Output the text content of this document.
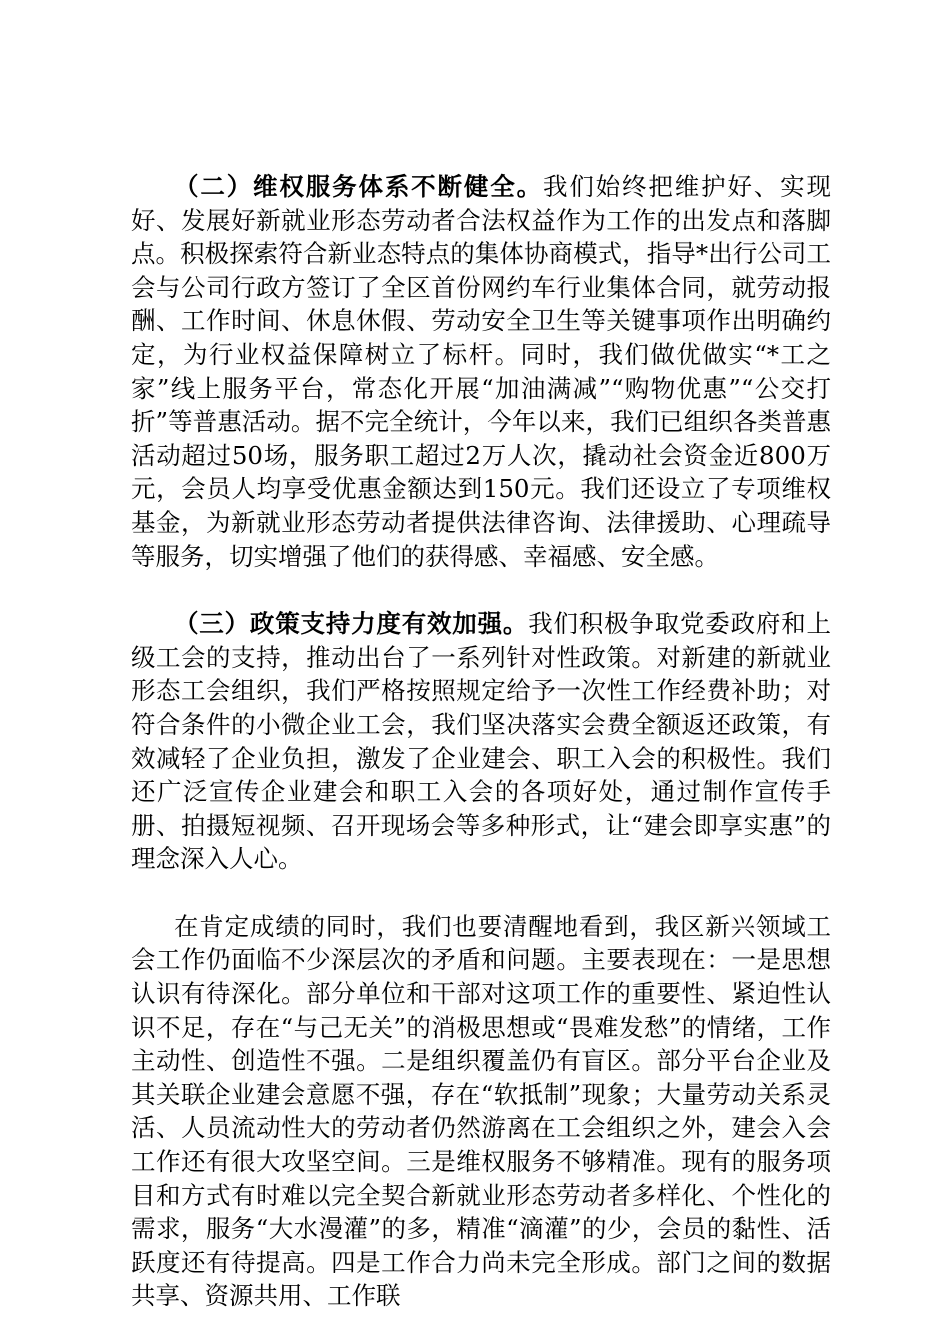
（二）维权服务体系不断健全。我们始终把维护好、实现好、发展好新就业形态劳动者合法权益作为工作的出发点和落脚点。积极探索符合新业态特点的集体协商模式，指导*出行公司工会与公司行政方签订了全区首份网约车行业集体合同，就劳动报酬、工作时间、休息休假、劳动安全卫生等关键事项作出明确约定，为行业权益保障树立了标杆。同时，我们做优做实“*工之家”线上服务平台，常态化开展“加油满减”“购物优惠”“公交打折”等普惠活动。据不完全统计，今年以来，我们已组织各类普惠活动超过50场，服务职工超过2万人次，撬动社会资金近800万元，会员人均享受优惠金额达到150元。我们还设立了专项维权基金，为新就业形态劳动者提供法律咨询、法律援助、心理疏导等服务，切实增强了他们的获得感、幸福感、安全感。

（三）政策支持力度有效加强。我们积极争取党委政府和上级工会的支持，推动出台了一系列针对性政策。对新建的新就业形态工会组织，我们严格按照规定给予一次性工作经费补助；对符合条件的小微企业工会，我们坚决落实会费全额返还政策，有效减轻了企业负担，激发了企业建会、职工入会的积极性。我们还广泛宣传企业建会和职工入会的各项好处，通过制作宣传手册、拍摄短视频、召开现场会等多种形式，让“建会即享实惠”的理念深入人心。

在肯定成绩的同时，我们也要清醒地看到，我区新兴领域工会工作仍面临不少深层次的矛盾和问题。主要表现在：一是思想认识有待深化。部分单位和干部对这项工作的重要性、紧迫性认识不足，存在“与己无关”的消极思想或“畏难发愁”的情绪，工作主动性、创造性不强。二是组织覆盖仍有盲区。部分平台企业及其关联企业建会意愿不强，存在“软抵制”现象；大量劳动关系灵活、人员流动性大的劳动者仍然游离在工会组织之外，建会入会工作还有很大攻坚空间。三是维权服务不够精准。现有的服务项目和方式有时难以完全契合新就业形态劳动者多样化、个性化的需求，服务“大水漫灌”的多，精准“滴灌”的少，会员的黏性、活跃度还有待提高。四是工作合力尚未完全形成。部门之间的数据共享、资源共用、工作联
